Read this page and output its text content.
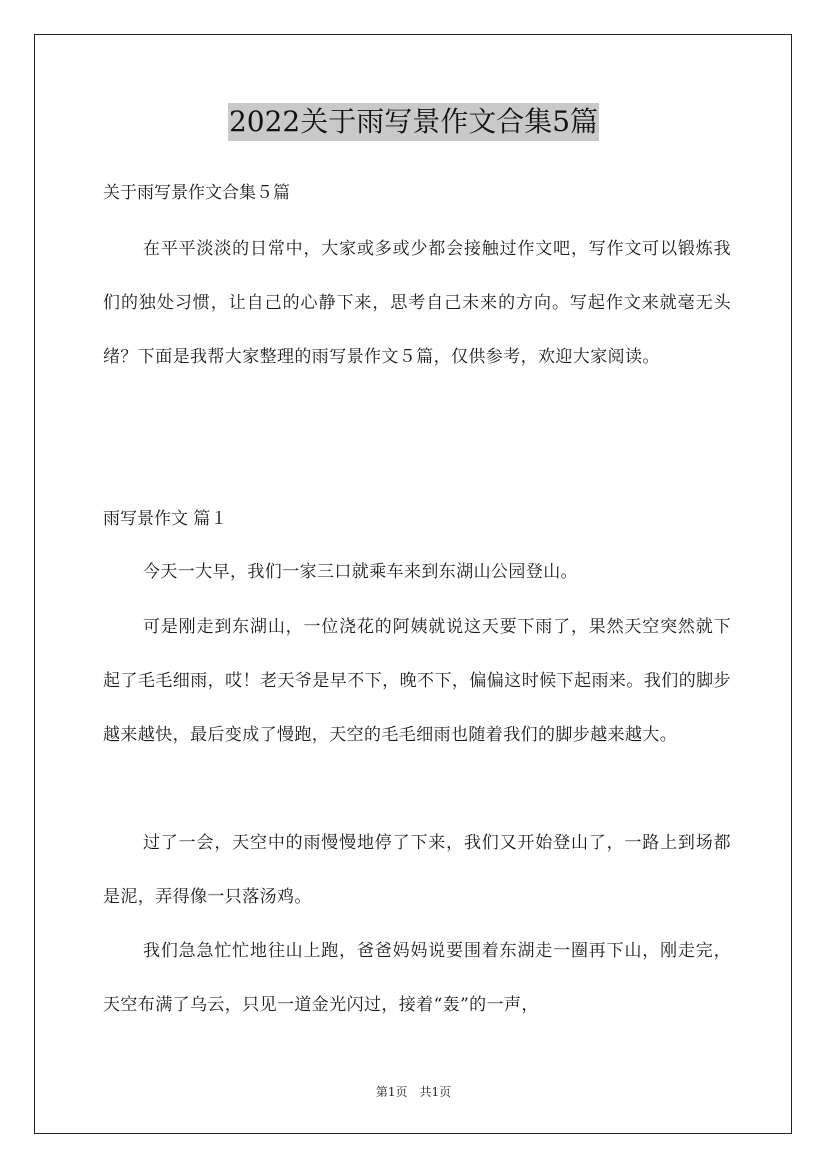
2022关于雨写景作文合集5篇
关于雨写景作文合集５篇

在平平淡淡的日常中，大家或多或少都会接触过作文吧，写作文可以锻炼我们的独处习惯，让自己的心静下来，思考自己未来的方向。写起作文来就毫无头绪？下面是我帮大家整理的雨写景作文５篇，仅供参考，欢迎大家阅读。

雨写景作文 篇１

今天一大早，我们一家三口就乘车来到东湖山公园登山。

可是刚走到东湖山，一位浇花的阿姨就说这天要下雨了，果然天空突然就下起了毛毛细雨，哎！老天爷是早不下，晚不下，偏偏这时候下起雨来。我们的脚步越来越快，最后变成了慢跑，天空的毛毛细雨也随着我们的脚步越来越大。

过了一会，天空中的雨慢慢地停了下来，我们又开始登山了，一路上到场都是泥，弄得像一只落汤鸡。

我们急急忙忙地往山上跑，爸爸妈妈说要围着东湖走一圈再下山，刚走完，天空布满了乌云，只见一道金光闪过，接着“轰”的一声，

第1页　共1页
